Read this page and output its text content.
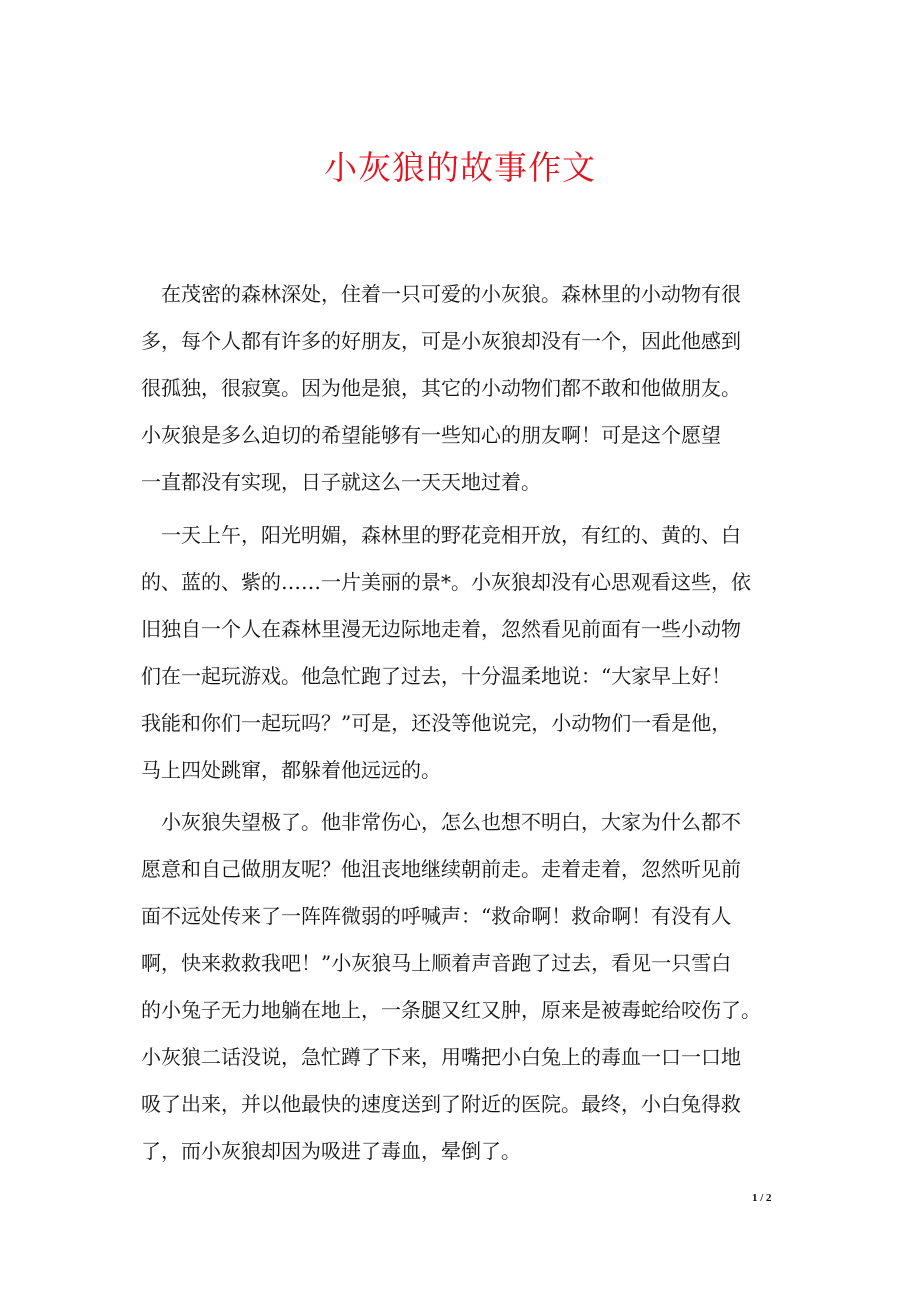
小灰狼的故事作文
在茂密的森林深处，住着一只可爱的小灰狼。森林里的小动物有很
多，每个人都有许多的好朋友，可是小灰狼却没有一个，因此他感到
很孤独，很寂寞。因为他是狼，其它的小动物们都不敢和他做朋友。
小灰狼是多么迫切的希望能够有一些知心的朋友啊！可是这个愿望
一直都没有实现，日子就这么一天天地过着。
一天上午，阳光明媚，森林里的野花竞相开放，有红的、黄的、白
的、蓝的、紫的……一片美丽的景*。小灰狼却没有心思观看这些，依
旧独自一个人在森林里漫无边际地走着，忽然看见前面有一些小动物
们在一起玩游戏。他急忙跑了过去，十分温柔地说：“大家早上好！
我能和你们一起玩吗？”可是，还没等他说完，小动物们一看是他，
马上四处跳窜，都躲着他远远的。
小灰狼失望极了。他非常伤心，怎么也想不明白，大家为什么都不
愿意和自己做朋友呢？他沮丧地继续朝前走。走着走着，忽然听见前
面不远处传来了一阵阵微弱的呼喊声：“救命啊！救命啊！有没有人
啊，快来救救我吧！”小灰狼马上顺着声音跑了过去，看见一只雪白
的小兔子无力地躺在地上，一条腿又红又肿，原来是被毒蛇给咬伤了。
小灰狼二话没说，急忙蹲了下来，用嘴把小白兔上的毒血一口一口地
吸了出来，并以他最快的速度送到了附近的医院。最终，小白兔得救
了，而小灰狼却因为吸进了毒血，晕倒了。
1 / 2
